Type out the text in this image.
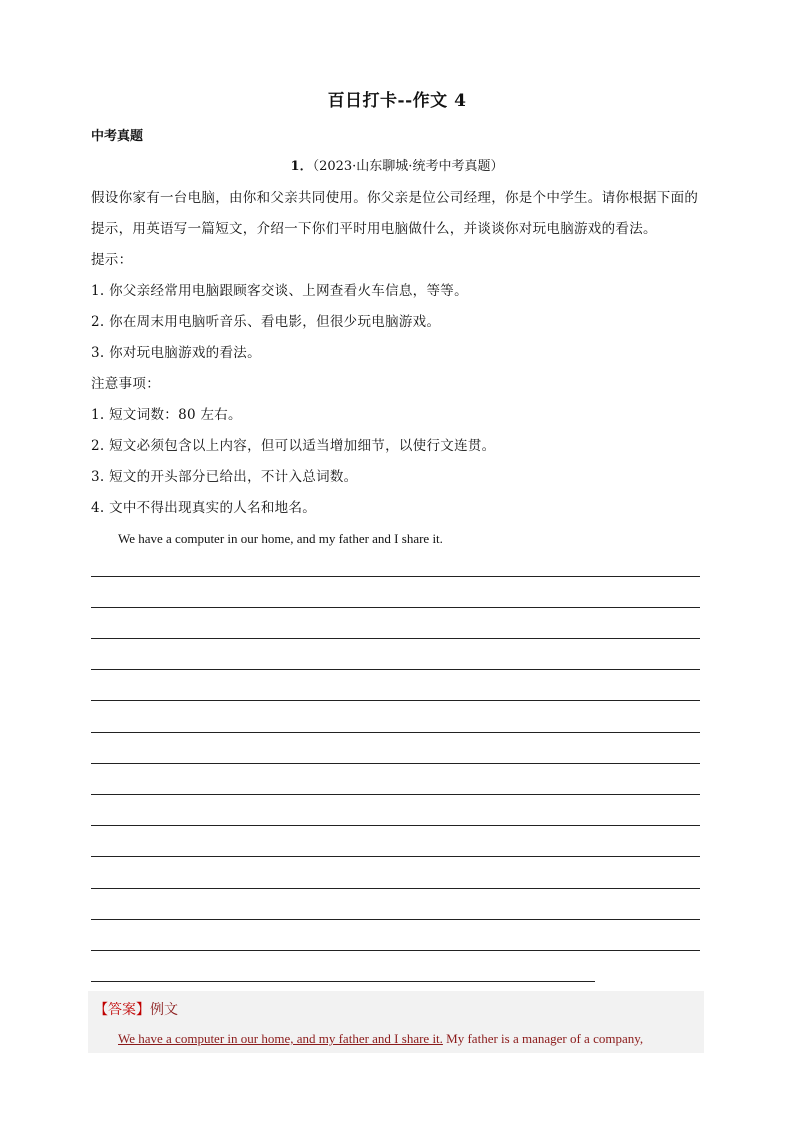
百日打卡--作文 4
中考真题
1．（2023·山东聊城·统考中考真题）
假设你家有一台电脑，由你和父亲共同使用。你父亲是位公司经理，你是个中学生。请你根据下面的
提示，用英语写一篇短文，介绍一下你们平时用电脑做什么，并谈谈你对玩电脑游戏的看法。
提示：
1. 你父亲经常用电脑跟顾客交谈、上网查看火车信息，等等。
2. 你在周末用电脑听音乐、看电影，但很少玩电脑游戏。
3. 你对玩电脑游戏的看法。
注意事项：
1. 短文词数：80 左右。
2. 短文必须包含以上内容，但可以适当增加细节，以使行文连贯。
3. 短文的开头部分已给出，不计入总词数。
4. 文中不得出现真实的人名和地名。
We have a computer in our home, and my father and I share it.
【答案】例文
We have a computer in our home, and my father and I share it. My father is a manager of a company,
